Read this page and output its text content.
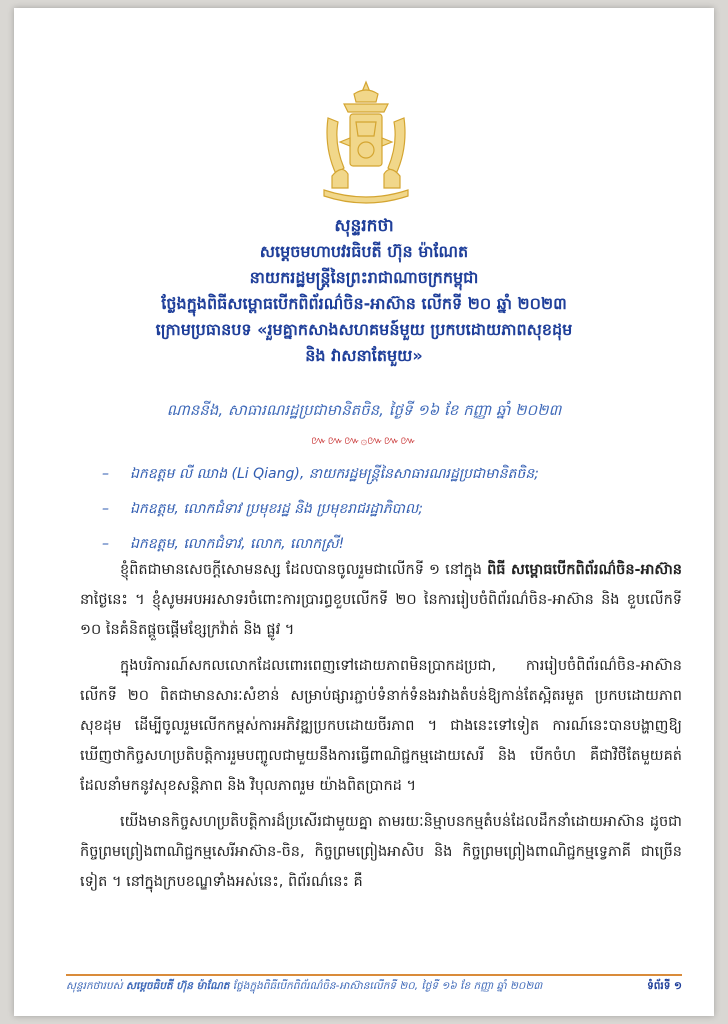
សុន្ទរកថា
សម្តេចមហាបវរធិបតី ហ៊ុន ម៉ាណែត
នាយករដ្ឋមន្ត្រីនៃព្រះរាជាណាចក្រកម្ពុជា
ថ្លែងក្នុងពិធីសម្ពោធបើកពិព័រណ៌ចិន-អាស៊ាន លើកទី ២០ ឆ្នាំ ២០២៣
ក្រោមប្រធានបទ «រួមគ្នាកសាងសហគមន៍មួយ ប្រកបដោយភាពសុខដុម
និង វាសនាតែមួយ»
ណាននីង, សាធារណរដ្ឋប្រជាមានិតចិន, ថ្ងៃទី ១៦ ខែ កញ្ញា ឆ្នាំ ២០២៣
៚៚៚۞៚៚៚
– ឯកឧត្តម លី ឈាង (Li Qiang), នាយករដ្ឋមន្ត្រីនៃសាធារណរដ្ឋប្រជាមានិតចិន;
– ឯកឧត្តម, លោកជំទាវ ប្រមុខរដ្ឋ និង ប្រមុខរាជរដ្ឋាភិបាល;
– ឯកឧត្តម, លោកជំទាវ, លោក, លោកស្រី!

ខ្ញុំពិតជាមានសេចក្តីសោមនស្ស ដែលបានចូលរួមជាលើកទី ១ នៅក្នុង ពិធី សម្ពោធបើកពិព័រណ៌ចិន-អាស៊ាន នាថ្ងៃនេះ ។ ខ្ញុំសូមអបអរសាទរចំពោះការប្រារព្ធខួបលើកទី ២០ នៃការរៀបចំពិព័រណ៌ចិន-អាស៊ាន និង ខួបលើកទី ១០ នៃគំនិតផ្តួចផ្តើមខ្សែក្រវ៉ាត់ និង ផ្លូវ ។

ក្នុងបរិការណ៍សកលលោកដែលពោរពេញទៅដោយភាពមិនប្រាកដប្រជា, ការរៀបចំពិព័រណ៌ចិន-អាស៊ាន លើកទី ២០ ពិតជាមានសារៈសំខាន់ សម្រាប់ផ្សារភ្ជាប់ទំនាក់ទំនងរវាងតំបន់ឱ្យកាន់តែស្អិតរមួត ប្រកបដោយភាពសុខដុម ដើម្បីចូលរួមលើកកម្ពស់ការអភិវឌ្ឍប្រកបដោយចីរភាព ។ ជាងនេះទៅទៀត ការណ៍នេះបានបង្ហាញឱ្យឃើញថាកិច្ចសហប្រតិបត្តិការរួមបញ្ចូលជាមួយនឹងការធ្វើពាណិជ្ជកម្មដោយសេរី និង បើកចំហ គឺជាវិថីតែមួយគត់ ដែលនាំមកនូវសុខសន្តិភាព និង វិបុលភាពរួម យ៉ាងពិតប្រាកដ ។

យើងមានកិច្ចសហប្រតិបត្តិការដ៏ប្រសើរជាមួយគ្នា តាមរយៈនិម្មាបនកម្មតំបន់ដែលដឹកនាំដោយអាស៊ាន ដូចជា កិច្ចព្រមព្រៀងពាណិជ្ជកម្មសេរីអាស៊ាន-ចិន, កិច្ចព្រមព្រៀងអាសិប និង កិច្ចព្រមព្រៀងពាណិជ្ជកម្មទ្វេភាគី ជាច្រើនទៀត ។ នៅក្នុងក្របខណ្ឌទាំងអស់នេះ, ពិព័រណ៌នេះ គឺ

សុន្ទរកថារបស់ សម្តេចធិបតី ហ៊ុន ម៉ាណែត ថ្លែងក្នុងពិធីបើកពិព័រណ៌ចិន-អាស៊ានលើកទី ២០, ថ្ងៃទី ១៦ ខែ កញ្ញា ឆ្នាំ ២០២៣	ទំព័រទី ១
